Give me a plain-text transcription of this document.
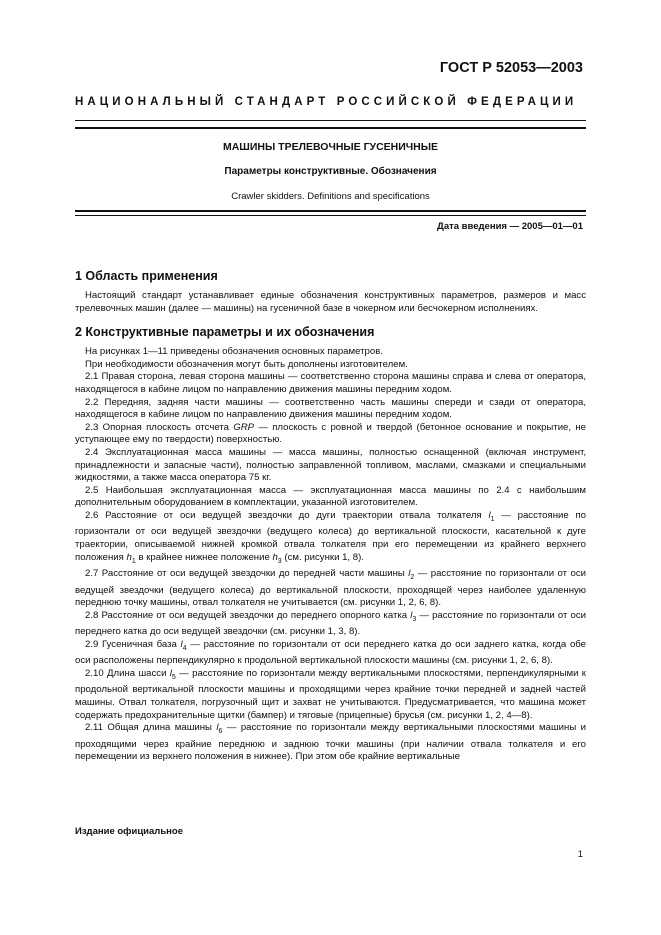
ГОСТ Р 52053—2003
НАЦИОНАЛЬНЫЙ СТАНДАРТ РОССИЙСКОЙ ФЕДЕРАЦИИ
МАШИНЫ ТРЕЛЕВОЧНЫЕ ГУСЕНИЧНЫЕ
Параметры конструктивные. Обозначения
Crawler skidders. Definitions and specifications
Дата введения — 2005—01—01
1 Область применения

Настоящий стандарт устанавливает единые обозначения конструктивных параметров, размеров и масс трелевочных машин (далее — машины) на гусеничной базе в чокерном или бесчокерном исполнениях.

2 Конструктивные параметры и их обозначения

На рисунках 1—11 приведены обозначения основных параметров.

При необходимости обозначения могут быть дополнены изготовителем.

2.1 Правая сторона, левая сторона машины — соответственно сторона машины справа и слева от оператора, находящегося в кабине лицом по направлению движения машины передним ходом.

2.2 Передняя, задняя части машины — соответственно часть машины спереди и сзади от оператора, находящегося в кабине лицом по направлению движения машины передним ходом.

2.3 Опорная плоскость отсчета GRP — плоскость с ровной и твердой (бетонное основание и покрытие, не уступающее ему по твердости) поверхностью.

2.4 Эксплуатационная масса машины — масса машины, полностью оснащенной (включая инструмент, принадлежности и запасные части), полностью заправленной топливом, маслами, смазками и специальными жидкостями, а также масса оператора 75 кг.

2.5 Наибольшая эксплуатационная масса — эксплуатационная масса машины по 2.4 с наибольшим дополнительным оборудованием в комплектации, указанной изготовителем.

2.6 Расстояние от оси ведущей звездочки до дуги траектории отвала толкателя $l_1$ — расстояние по горизонтали от оси ведущей звездочки (ведущего колеса) до вертикальной плоскости, касательной к дуге траектории, описываемой нижней кромкой отвала толкателя при его перемещении из крайнего верхнего положения $h_1$ в крайнее нижнее положение $h_3$ (см. рисунки 1, 8).

2.7 Расстояние от оси ведущей звездочки до передней части машины $l_2$ — расстояние по горизонтали от оси ведущей звездочки (ведущего колеса) до вертикальной плоскости, проходящей через наиболее удаленную переднюю точку машины, отвал толкателя не учитывается (см. рисунки 1, 2, 6, 8).

2.8 Расстояние от оси ведущей звездочки до переднего опорного катка $l_3$ — расстояние по горизонтали от оси переднего катка до оси ведущей звездочки (см. рисунки 1, 3, 8).

2.9 Гусеничная база $l_4$ — расстояние по горизонтали от оси переднего катка до оси заднего катка, когда обе оси расположены перпендикулярно к продольной вертикальной плоскости машины (см. рисунки 1, 2, 6, 8).

2.10 Длина шасси $l_5$ — расстояние по горизонтали между вертикальными плоскостями, перпендикулярными к продольной вертикальной плоскости машины и проходящими через крайние точки передней и задней частей машины. Отвал толкателя, погрузочный щит и захват не учитываются. Предусматривается, что машина может содержать предохранительные щитки (бампер) и тяговые (прицепные) брусья (см. рисунки 1, 2, 4—8).

2.11 Общая длина машины $l_6$ — расстояние по горизонтали между вертикальными плоскостями машины и проходящими через крайние переднюю и заднюю точки машины (при наличии отвала толкателя и его перемещении из верхнего положения в нижнее). При этом обе крайние вертикальные

Издание официальное
1
